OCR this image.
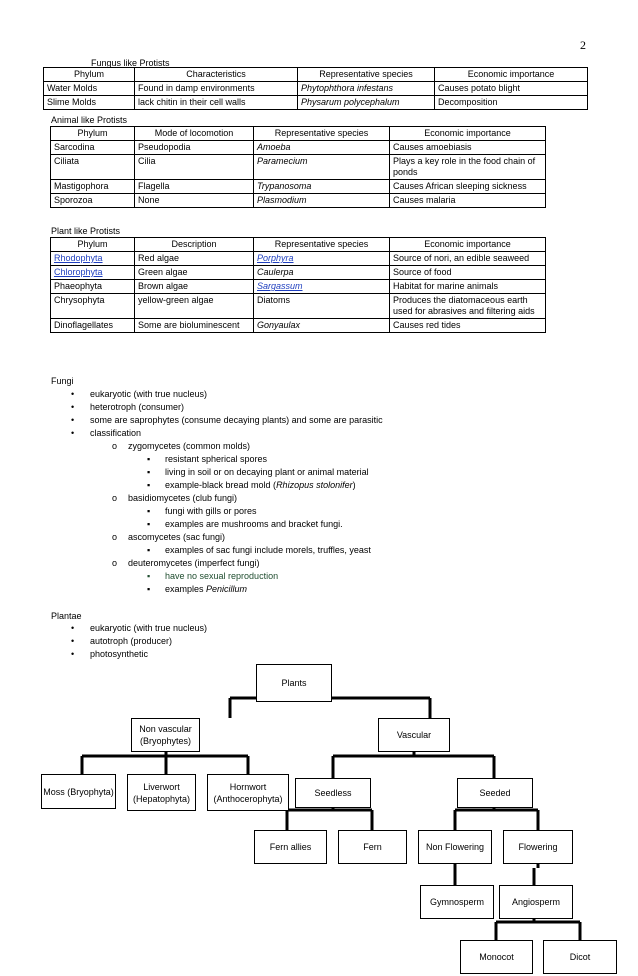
2
Fungus like Protists
Phylum	Characteristics	Representative species	Economic importance
Water Molds	Found in damp environments	Phytophthora infestans	Causes potato blight
Slime Molds	lack chitin in their cell walls	Physarum polycephalum	Decomposition
Animal like Protists
Phylum	Mode of locomotion	Representative species	Economic importance
Sarcodina	Pseudopodia	Amoeba	Causes amoebiasis
Ciliata	Cilia	Paramecium	Plays a key role in the food chain of ponds
Mastigophora	Flagella	Trypanosoma	Causes African sleeping sickness
Sporozoa	None	Plasmodium	Causes malaria
Plant like Protists
Phylum	Description	Representative species	Economic importance
Rhodophyta	Red algae	Porphyra	Source of nori, an edible seaweed
Chlorophyta	Green algae	Caulerpa	Source of food
Phaeophyta	Brown algae	Sargassum	Habitat for marine animals
Chrysophyta	yellow-green algae	Diatoms	Produces the diatomaceous earth used for abrasives and filtering aids
Dinoflagellates	Some are bioluminescent	Gonyaulax	Causes red tides
Fungi
• eukaryotic (with true nucleus)
• heterotroph (consumer)
• some are saprophytes (consume decaying plants) and some are parasitic
• classification
o zygomycetes (common molds)
▪ resistant spherical spores
▪ living in soil or on decaying plant or animal material
▪ example-black bread mold (Rhizopus stolonifer)
o basidiomycetes (club fungi)
▪ fungi with gills or pores
▪ examples are mushrooms and bracket fungi.
o ascomycetes (sac fungi)
▪ examples of sac fungi include morels, truffles, yeast
o deuteromycetes (imperfect fungi)
▪ have no sexual reproduction
▪ examples Penicillum
Plantae
• eukaryotic (with true nucleus)
• autotroph (producer)
• photosynthetic
Plants
Non vascular (Bryophytes)
Vascular
Moss (Bryophyta)	Liverwort (Hepatophyta)
Hornwort (Anthocerophyta)
Seedless	Seeded
Fern allies	Fern	Non Flowering	Flowering
Gymnosperm	Angiosperm
Monocot	Dicot
